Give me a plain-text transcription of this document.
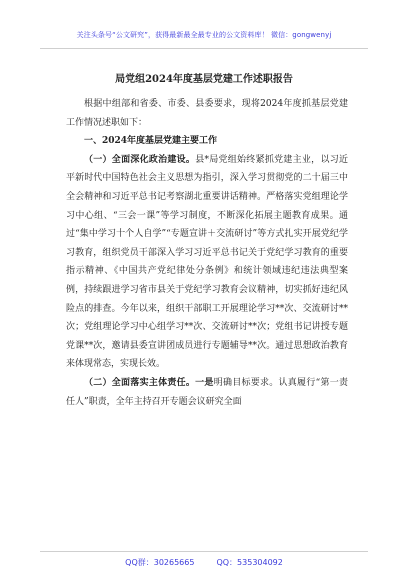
关注头条号“公文研究”，获得最新最全最专业的公文资料库！ 微信：gongwenyj
局党组2024年度基层党建工作述职报告

根据中组部和省委、市委、县委要求，现将2024年度抓基层党建工作情况述职如下：

一、2024年度基层党建主要工作

（一）全面深化政治建设。县*局党组始终紧抓党建主业，以习近平新时代中国特色社会主义思想为指引，深入学习贯彻党的二十届三中全会精神和习近平总书记考察湖北重要讲话精神。严格落实党组理论学习中心组、“三会一课”等学习制度，不断深化拓展主题教育成果。通过“集中学习十个人自学”“专题宣讲＋交流研讨”等方式扎实开展党纪学习教育，组织党员干部深入学习习近平总书记关于党纪学习教育的重要指示精神、《中国共产党纪律处分条例》和统计领域违纪违法典型案例，持续跟进学习省市县关于党纪学习教育会议精神，切实抓好违纪风险点的排查。今年以来，组织干部职工开展理论学习**次、交流研讨**次；党组理论学习中心组学习**次、交流研讨**次；党组书记讲授专题党课**次，邀请县委宣讲团成员进行专题辅导**次。通过思想政治教育来体现常态，实现长效。

（二）全面落实主体责任。一是明确目标要求。认真履行“第一责任人”职责，全年主持召开专题会议研究全面

QQ群：30265665	QQ：535304092
